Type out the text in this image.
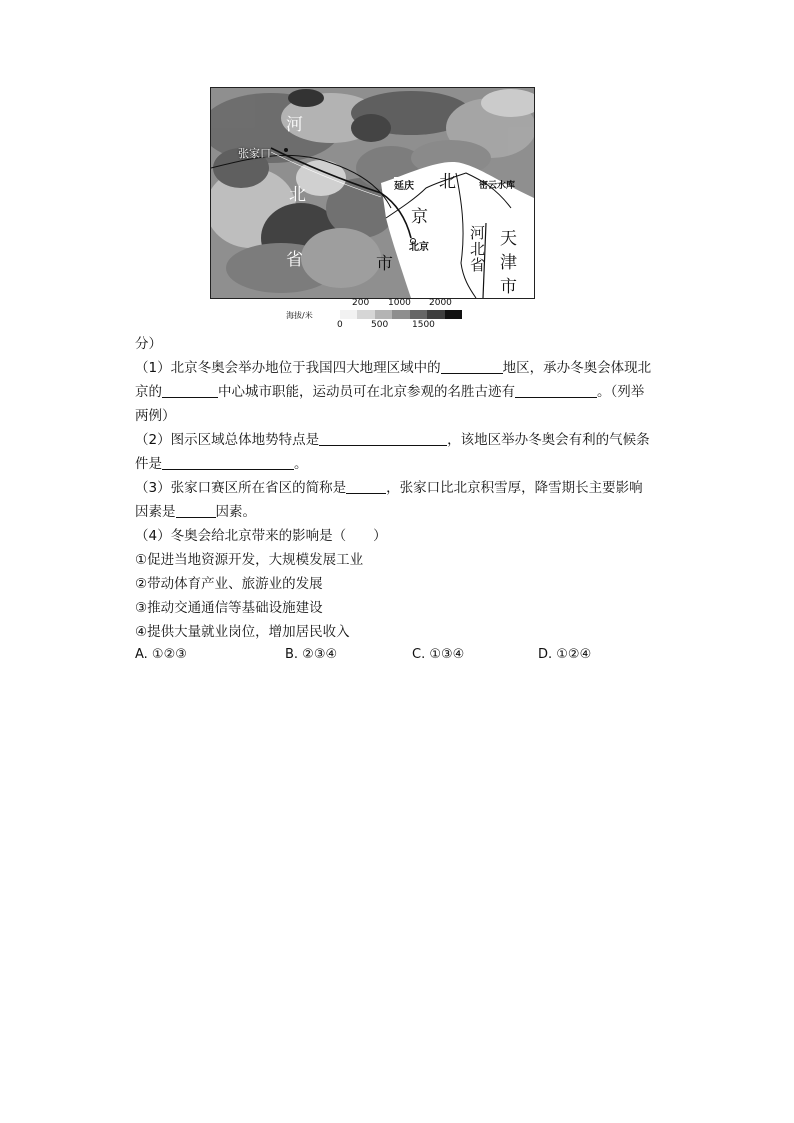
河
张家口
北
省
延庆 北	密云水库
京
北京
市
河
北
省
天
津
市
海拔/米
200 1000 2000
0	500	1500
分）
（1）北京冬奥会举办地位于我国四大地理区域中的	地区，承办冬奥会体现北
京的	中心城市职能，运动员可在北京参观的名胜古迹有	。（列举
两例）
（2）图示区域总体地势特点是	，该地区举办冬奥会有利的气候条
件是	。
（3）张家口赛区所在省区的简称是	，张家口比北京积雪厚，降雪期长主要影响
因素是	因素。
（4）冬奥会给北京带来的影响是（　　）
①促进当地资源开发，大规模发展工业
②带动体育产业、旅游业的发展
③推动交通通信等基础设施建设
④提供大量就业岗位，增加居民收入
A. ①②③	B. ②③④	C. ①③④	D. ①②④
